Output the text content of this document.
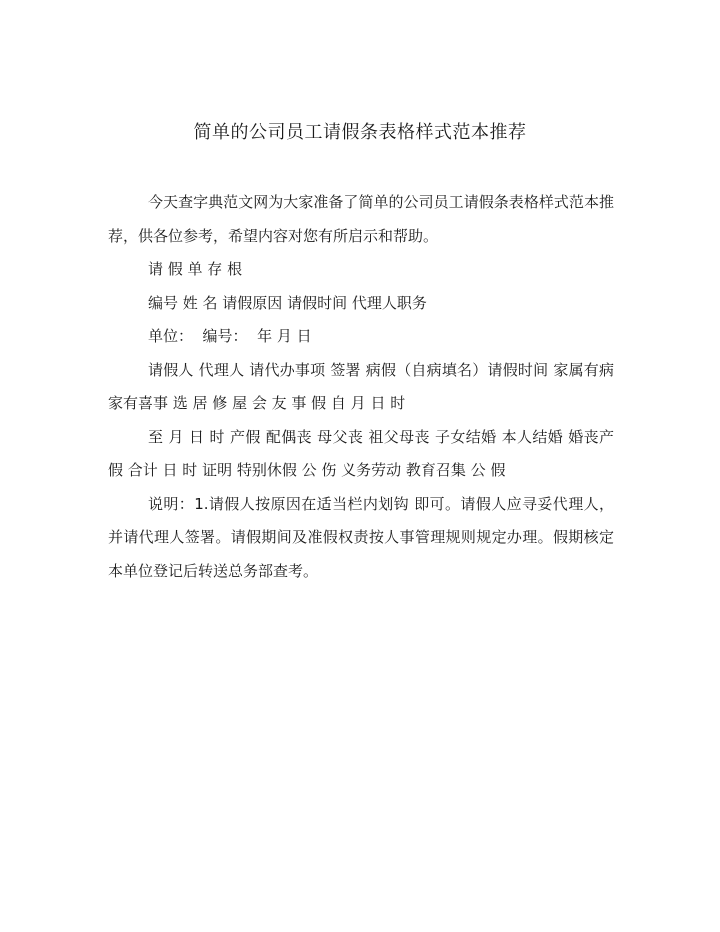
简单的公司员工请假条表格样式范本推荐

今天查字典范文网为大家准备了简单的公司员工请假条表格样式范本推荐，供各位参考，希望内容对您有所启示和帮助。

请 假 单 存 根

编号 姓 名 请假原因 请假时间 代理人职务

单位：  编号：  年 月 日

请假人 代理人 请代办事项 签署 病假（自病填名）请假时间 家属有病 家有喜事 选 居 修 屋 会 友 事 假 自 月 日 时

至 月 日 时 产假 配偶丧 母父丧 祖父母丧 子女结婚 本人结婚 婚丧产假 合计 日 时 证明 特别休假 公 伤 义务劳动 教育召集 公 假

说明：1.请假人按原因在适当栏内划钩 即可。请假人应寻妥代理人，并请代理人签署。请假期间及准假权责按人事管理规则规定办理。假期核定本单位登记后转送总务部查考。
